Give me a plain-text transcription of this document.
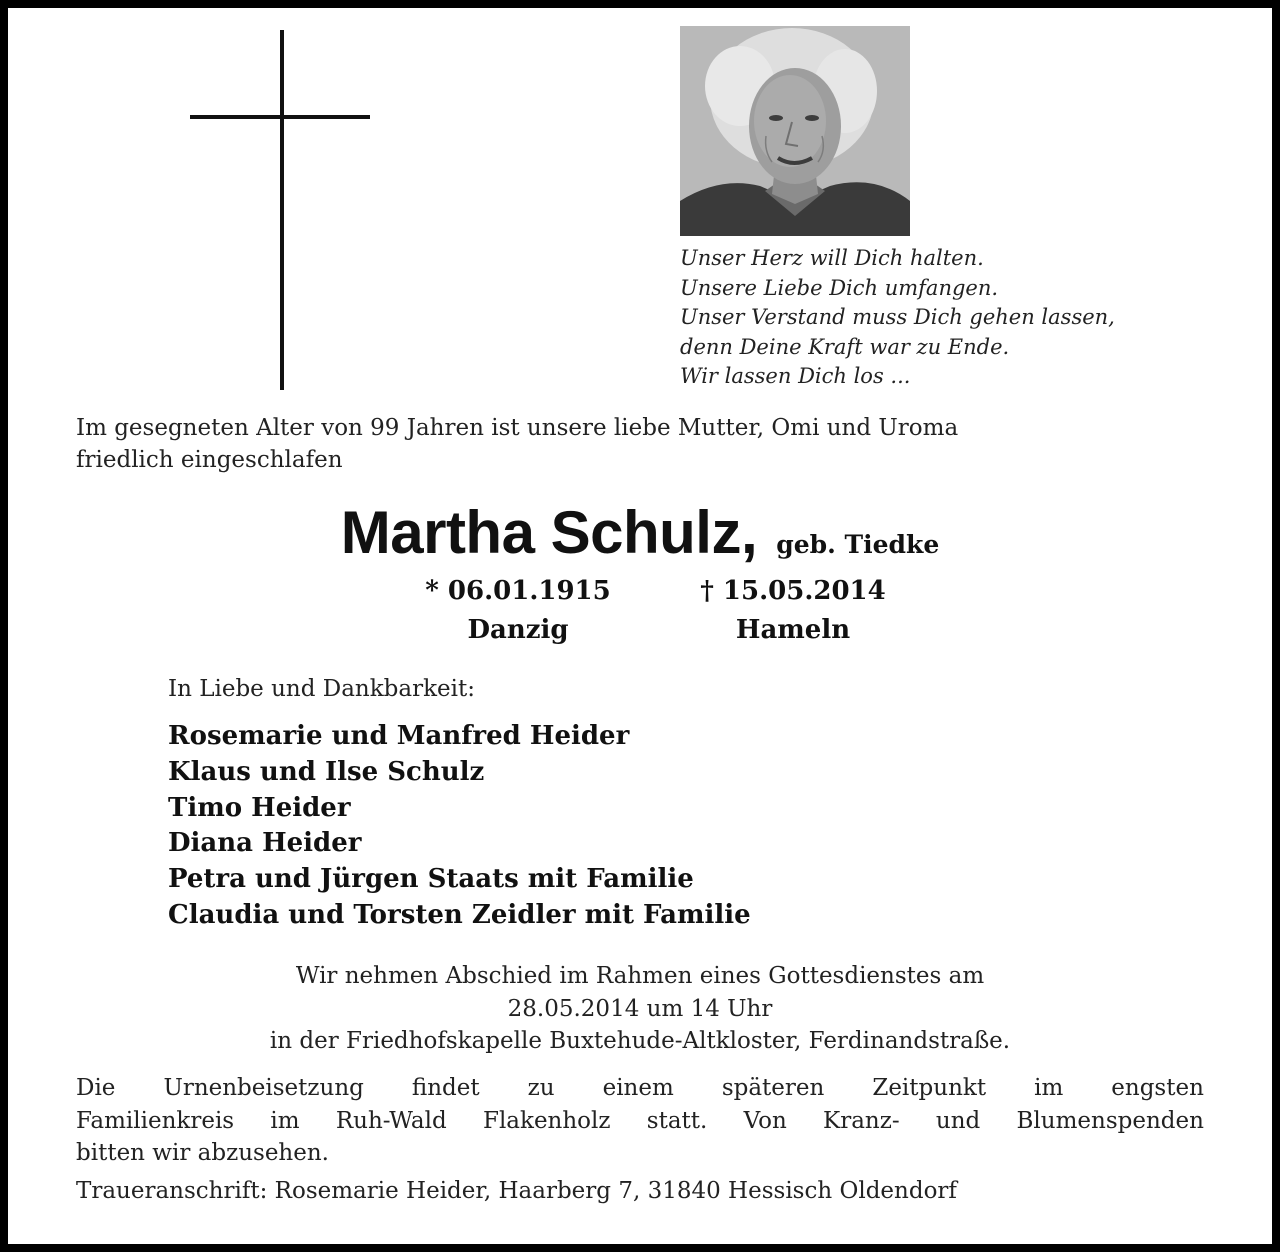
Unser Herz will Dich halten.
Unsere Liebe Dich umfangen.
Unser Verstand muss Dich gehen lassen,
denn Deine Kraft war zu Ende.
Wir lassen Dich los ...
Im gesegneten Alter von 99 Jahren ist unsere liebe Mutter, Omi und Uroma
friedlich eingeschlafen
Martha Schulz, geb. Tiedke
* 06.01.1915
Danzig
† 15.05.2014
Hameln
In Liebe und Dankbarkeit:
Rosemarie und Manfred Heider
Klaus und Ilse Schulz
Timo Heider
Diana Heider
Petra und Jürgen Staats mit Familie
Claudia und Torsten Zeidler mit Familie
Wir nehmen Abschied im Rahmen eines Gottesdienstes am
28.05.2014 um 14 Uhr
in der Friedhofskapelle Buxtehude-Altkloster, Ferdinandstraße.
Die Urnenbeisetzung findet zu einem späteren Zeitpunkt im engsten
Familienkreis im Ruh-Wald Flakenholz statt. Von Kranz- und Blumenspenden
bitten wir abzusehen.
Traueranschrift: Rosemarie Heider, Haarberg 7, 31840 Hessisch Oldendorf
